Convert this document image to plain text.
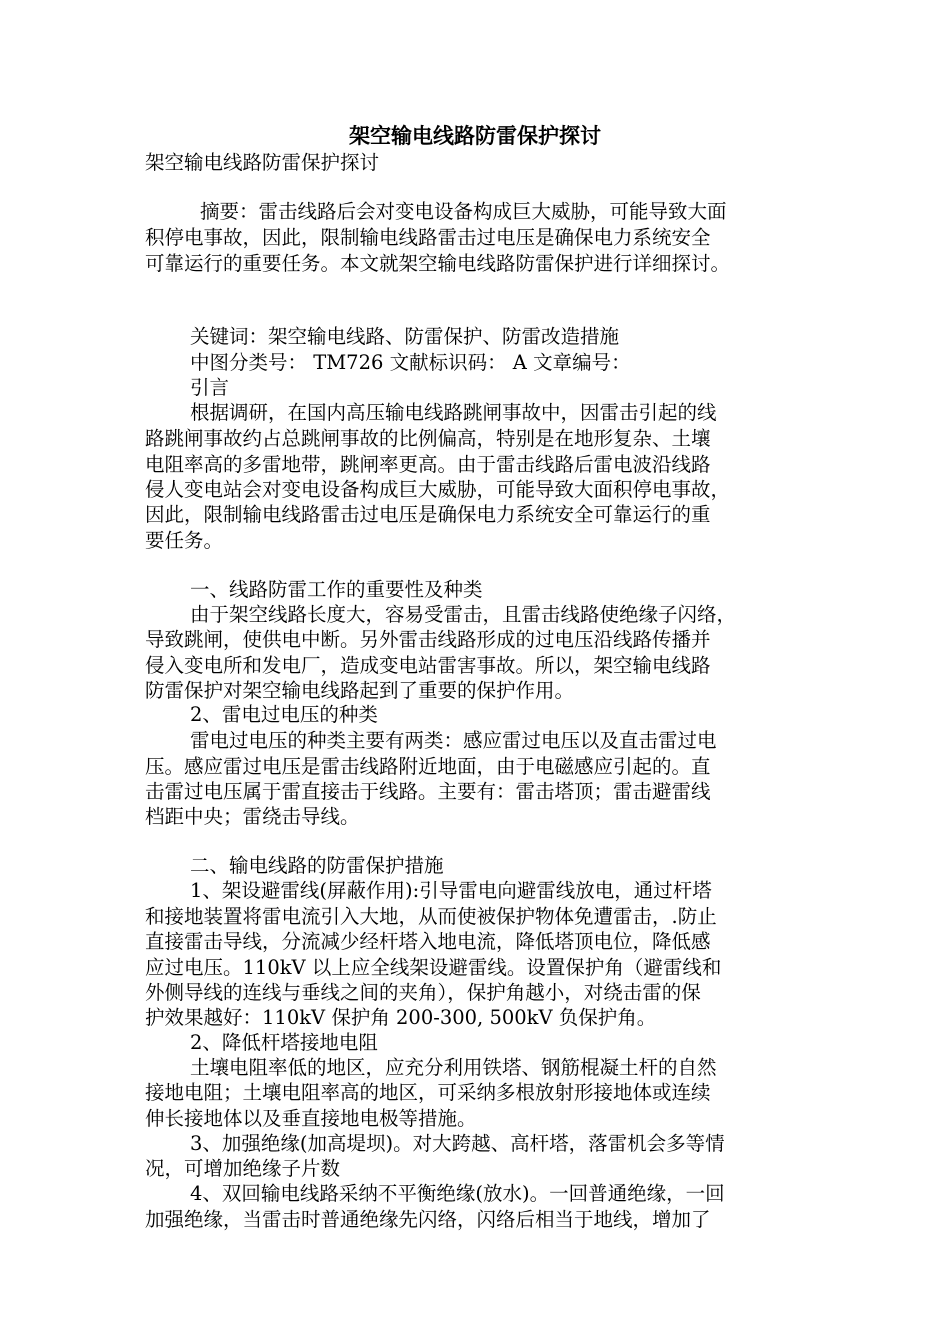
架空输电线路防雷保护探讨
架空输电线路防雷保护探讨
摘要：雷击线路后会对变电设备构成巨大威胁，可能导致大面
积停电事故，因此，限制输电线路雷击过电压是确保电力系统安全
可靠运行的重要任务。本文就架空输电线路防雷保护进行详细探讨。
关键词：架空输电线路、防雷保护、防雷改造措施
中图分类号： TM726 文献标识码： A 文章编号：
引言
根据调研，在国内高压输电线路跳闸事故中，因雷击引起的线
路跳闸事故约占总跳闸事故的比例偏高，特别是在地形复杂、土壤
电阻率高的多雷地带，跳闸率更高。由于雷击线路后雷电波沿线路
侵人变电站会对变电设备构成巨大威胁，可能导致大面积停电事故，
因此，限制输电线路雷击过电压是确保电力系统安全可靠运行的重
要任务。
一、线路防雷工作的重要性及种类
由于架空线路长度大，容易受雷击，且雷击线路使绝缘子闪络，
导致跳闸，使供电中断。另外雷击线路形成的过电压沿线路传播并
侵入变电所和发电厂，造成变电站雷害事故。所以，架空输电线路
防雷保护对架空输电线路起到了重要的保护作用。
2、雷电过电压的种类
雷电过电压的种类主要有两类：感应雷过电压以及直击雷过电
压。感应雷过电压是雷击线路附近地面，由于电磁感应引起的。直
击雷过电压属于雷直接击于线路。主要有：雷击塔顶；雷击避雷线
档距中央；雷绕击导线。
二、输电线路的防雷保护措施
1、架设避雷线(屏蔽作用):引导雷电向避雷线放电，通过杆塔
和接地装置将雷电流引入大地，从而使被保护物体免遭雷击，.防止
直接雷击导线，分流减少经杆塔入地电流，降低塔顶电位，降低感
应过电压。110kV 以上应全线架设避雷线。设置保护角（避雷线和
外侧导线的连线与垂线之间的夹角），保护角越小，对绕击雷的保
护效果越好：110kV 保护角 200-300, 500kV 负保护角。
2、降低杆塔接地电阻
土壤电阻率低的地区，应充分利用铁塔、钢筋棍凝土杆的自然
接地电阻；土壤电阻率高的地区，可采纳多根放射形接地体或连续
伸长接地体以及垂直接地电极等措施。
3、加强绝缘(加高堤坝)。对大跨越、高杆塔，落雷机会多等情
况，可增加绝缘子片数
4、双回输电线路采纳不平衡绝缘(放水)。一回普通绝缘，一回
加强绝缘，当雷击时普通绝缘先闪络，闪络后相当于地线，增加了
